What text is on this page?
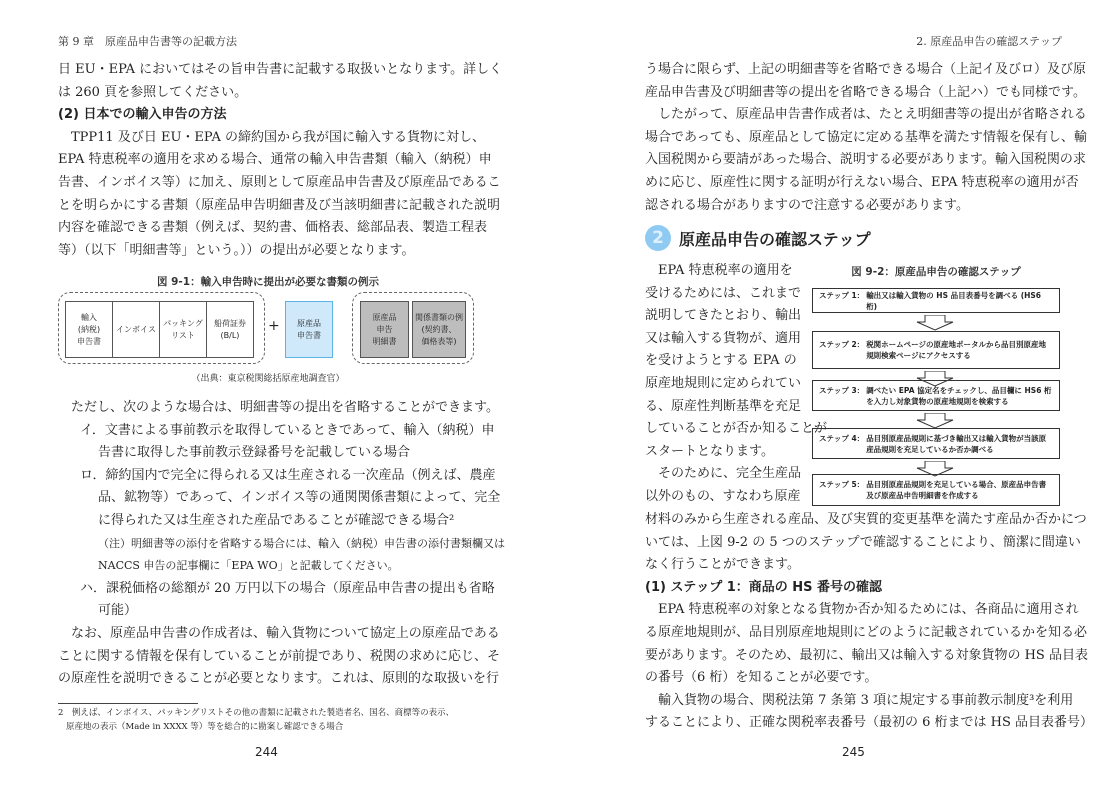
第 9 章　原産品申告書等の記載方法
日 EU・EPA においてはその旨申告書に記載する取扱いとなります。詳しく
は 260 頁を参照してください。
(2) 日本での輸入申告の方法
TPP11 及び日 EU・EPA の締約国から我が国に輸入する貨物に対し、
EPA 特恵税率の適用を求める場合、通常の輸入申告書類（輸入（納税）申
告書、インボイス等）に加え、原則として原産品申告書及び原産品であるこ
とを明らかにする書類（原産品申告明細書及び当該明細書に記載された説明
内容を確認できる書類（例えば、契約書、価格表、総部品表、製造工程表
等）（以下「明細書等」という。））の提出が必要となります。
図 9-1：輸入申告時に提出が必要な書類の例示
輸入
(納税)
申告書
インボイス
パッキング
リスト
船荷証券
(B/L)
+	原産品
申告書
原産品
申告
明細書
関係書類の例
(契約書、
価格表等)
（出典：東京税関総括原産地調査官）
ただし、次のような場合は、明細書等の提出を省略することができます。
イ．文書による事前教示を取得しているときであって、輸入（納税）申
告書に取得した事前教示登録番号を記載している場合
ロ．締約国内で完全に得られる又は生産される一次産品（例えば、農産
品、鉱物等）であって、インボイス等の通関関係書類によって、完全
に得られた又は生産された産品であることが確認できる場合²
（注）明細書等の添付を省略する場合には、輸入（納税）申告書の添付書類欄又は
NACCS 申告の記事欄に「EPA WO」と記載してください。
ハ．課税価格の総額が 20 万円以下の場合（原産品申告書の提出も省略
可能）
なお、原産品申告書の作成者は、輸入貨物について協定上の原産品である
ことに関する情報を保有していることが前提であり、税関の求めに応じ、そ
の原産性を説明できることが必要となります。これは、原則的な取扱いを行
2　例えば、インボイス、パッキングリストその他の書類に記載された製造者名、国名、商標等の表示、
原産地の表示（Made in XXXX 等）等を総合的に勘案し確認できる場合
244
2. 原産品申告の確認ステップ
う場合に限らず、上記の明細書等を省略できる場合（上記イ及びロ）及び原
産品申告書及び明細書等の提出を省略できる場合（上記ハ）でも同様です。
したがって、原産品申告書作成者は、たとえ明細書等の提出が省略される
場合であっても、原産品として協定に定める基準を満たす情報を保有し、輸
入国税関から要請があった場合、説明する必要があります。輸入国税関の求
めに応じ、原産性に関する証明が行えない場合、EPA 特恵税率の適用が否
認される場合がありますので注意する必要があります。
2 原産品申告の確認ステップ
EPA 特恵税率の適用を
受けるためには、これまで
説明してきたとおり、輸出
又は輸入する貨物が、適用
を受けようとする EPA の
原産地規則に定められてい
る、原産性判断基準を充足
していることが否か知ることが
スタートとなります。
そのために、完全生産品
以外のもの、すなわち原産
図 9-2：原産品申告の確認ステップ
ステップ 1： 輸出又は輸入貨物の HS 品目表番号を調べる (HS6 桁)
ステップ 2： 税関ホームページの原産地ポータルから品目別原産地規則検索ページにアクセスする
ステップ 3： 調べたい EPA 協定名をチェックし、品目欄に HS6 桁を入力し対象貨物の原産地規則を検索する
ステップ 4： 品目別原産品規則に基づき輸出又は輸入貨物が当該原産品規則を充足しているか否か調べる
ステップ 5： 品目別原産品規則を充足している場合、原産品申告書及び原産品申告明細書を作成する
材料のみから生産される産品、及び実質的変更基準を満たす産品か否かにつ
いては、上図 9-2 の 5 つのステップで確認することにより、簡潔に間違い
なく行うことができます。
(1) ステップ 1：商品の HS 番号の確認
EPA 特恵税率の対象となる貨物か否か知るためには、各商品に適用され
る原産地規則が、品目別原産地規則にどのように記載されているかを知る必
要があります。そのため、最初に、輸出又は輸入する対象貨物の HS 品目表
の番号（6 桁）を知ることが必要です。
輸入貨物の場合、関税法第 7 条第 3 項に規定する事前教示制度³を利用
することにより、正確な関税率表番号（最初の 6 桁までは HS 品目表番号）
245
